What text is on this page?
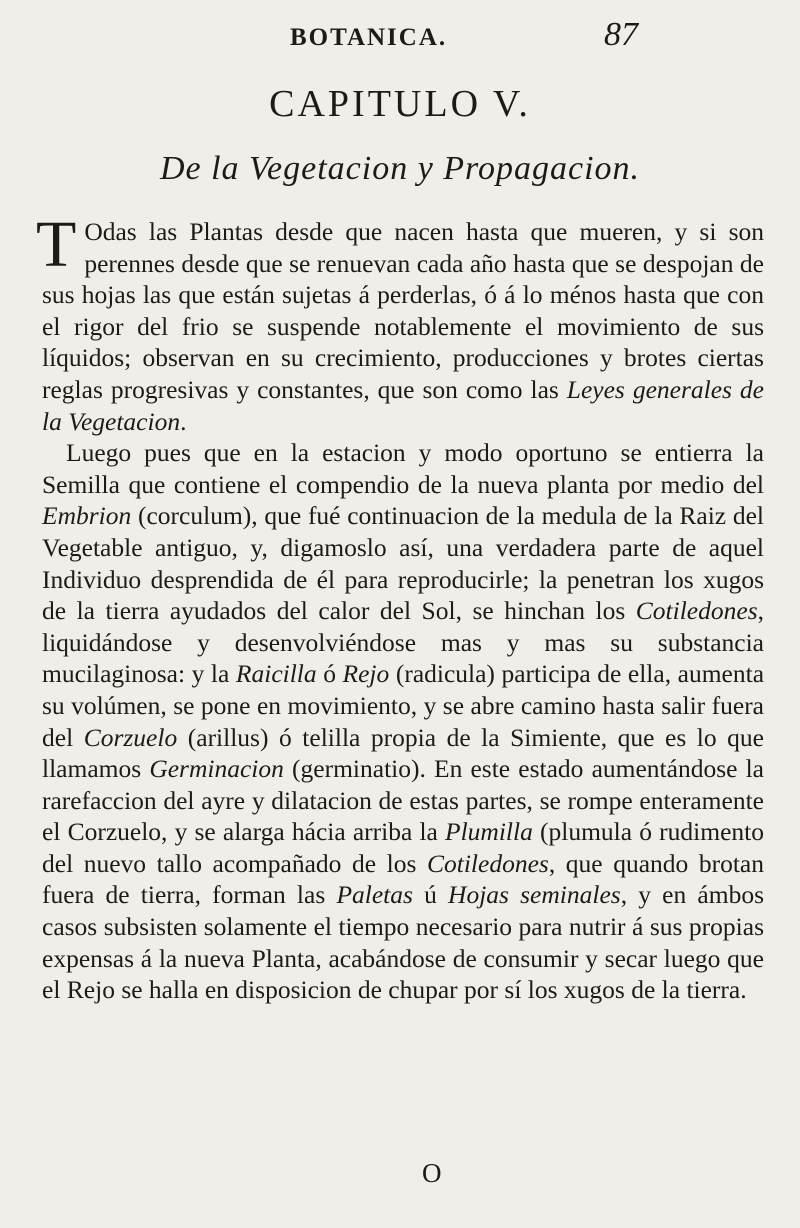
BOTANICA.	87
CAPITULO V.
De la Vegetacion y Propagacion.

T Odas las Plantas desde que nacen hasta que mueren, y si son perennes desde que se renuevan cada año hasta que se despojan de sus hojas las que están sujetas á perderlas, ó á lo ménos hasta que con el rigor del frio se suspende notablemente el movimiento de sus líquidos; observan en su crecimiento, producciones y brotes ciertas reglas progresivas y constantes, que son como las Leyes generales de la Vegetacion.

Luego pues que en la estacion y modo oportuno se entierra la Semilla que contiene el compendio de la nueva planta por medio del Embrion (corculum), que fué continuacion de la medula de la Raiz del Vegetable antiguo, y, digamoslo así, una verdadera parte de aquel Individuo desprendida de él para reproducirle; la penetran los xugos de la tierra ayudados del calor del Sol, se hinchan los Cotiledones, liquidándose y desenvolviéndose mas y mas su substancia mucilaginosa: y la Raicilla ó Rejo (radicula) participa de ella, aumenta su volúmen, se pone en movimiento, y se abre camino hasta salir fuera del Corzuelo (arillus) ó telilla propia de la Simiente, que es lo que llamamos Germinacion (germinatio). En este estado aumentándose la rarefaccion del ayre y dilatacion de estas partes, se rompe enteramente el Corzuelo, y se alarga hácia arriba la Plumilla (plumula ó rudimento del nuevo tallo acompañado de los Cotiledones, que quando brotan fuera de tierra, forman las Paletas ú Hojas seminales, y en ámbos casos subsisten solamente el tiempo necesario para nutrir á sus propias expensas á la nueva Planta, acabándose de consumir y secar luego que el Rejo se halla en disposicion de chupar por sí los xugos de la tierra.

O
